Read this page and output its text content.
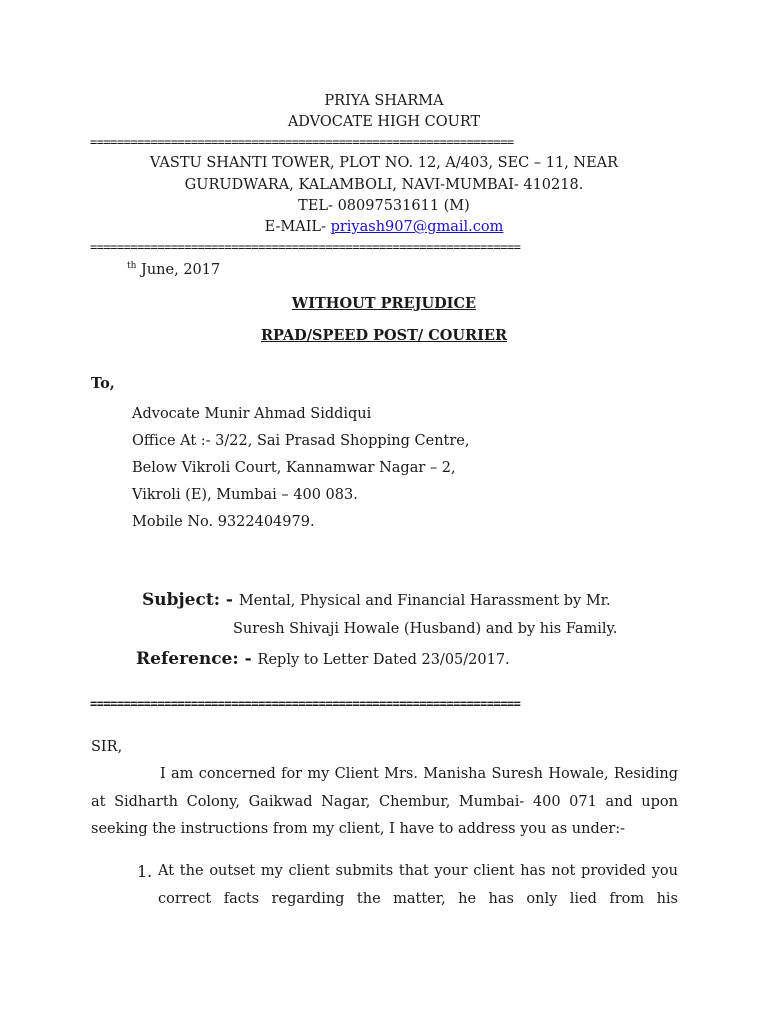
PRIYA SHARMA
ADVOCATE HIGH COURT
===============================================================
VASTU SHANTI TOWER, PLOT NO. 12, A/403, SEC – 11, NEAR
GURUDWARA, KALAMBOLI, NAVI-MUMBAI- 410218.
TEL- 08097531611 (M)
E-MAIL- priyash907@gmail.com
================================================================
$^{th}$ June, 2017
WITHOUT PREJUDICE
RPAD/SPEED POST/ COURIER
To,
Advocate Munir Ahmad Siddiqui
Office At :- 3/22, Sai Prasad Shopping Centre,
Below Vikroli Court, Kannamwar Nagar – 2,
Vikroli (E), Mumbai – 400 083.
Mobile No. 9322404979.
Subject: - Mental, Physical and Financial Harassment by Mr.
Suresh Shivaji Howale (Husband) and by his Family.
Reference: - Reply to Letter Dated 23/05/2017.
================================================================
SIR,
I am concerned for my Client Mrs. Manisha Suresh Howale, Residing
at Sidharth Colony, Gaikwad Nagar, Chembur, Mumbai- 400 071 and upon
seeking the instructions from my client, I have to address you as under:-
1. At the outset my client submits that your client has not provided you
correct facts regarding the matter, he has only lied from his
